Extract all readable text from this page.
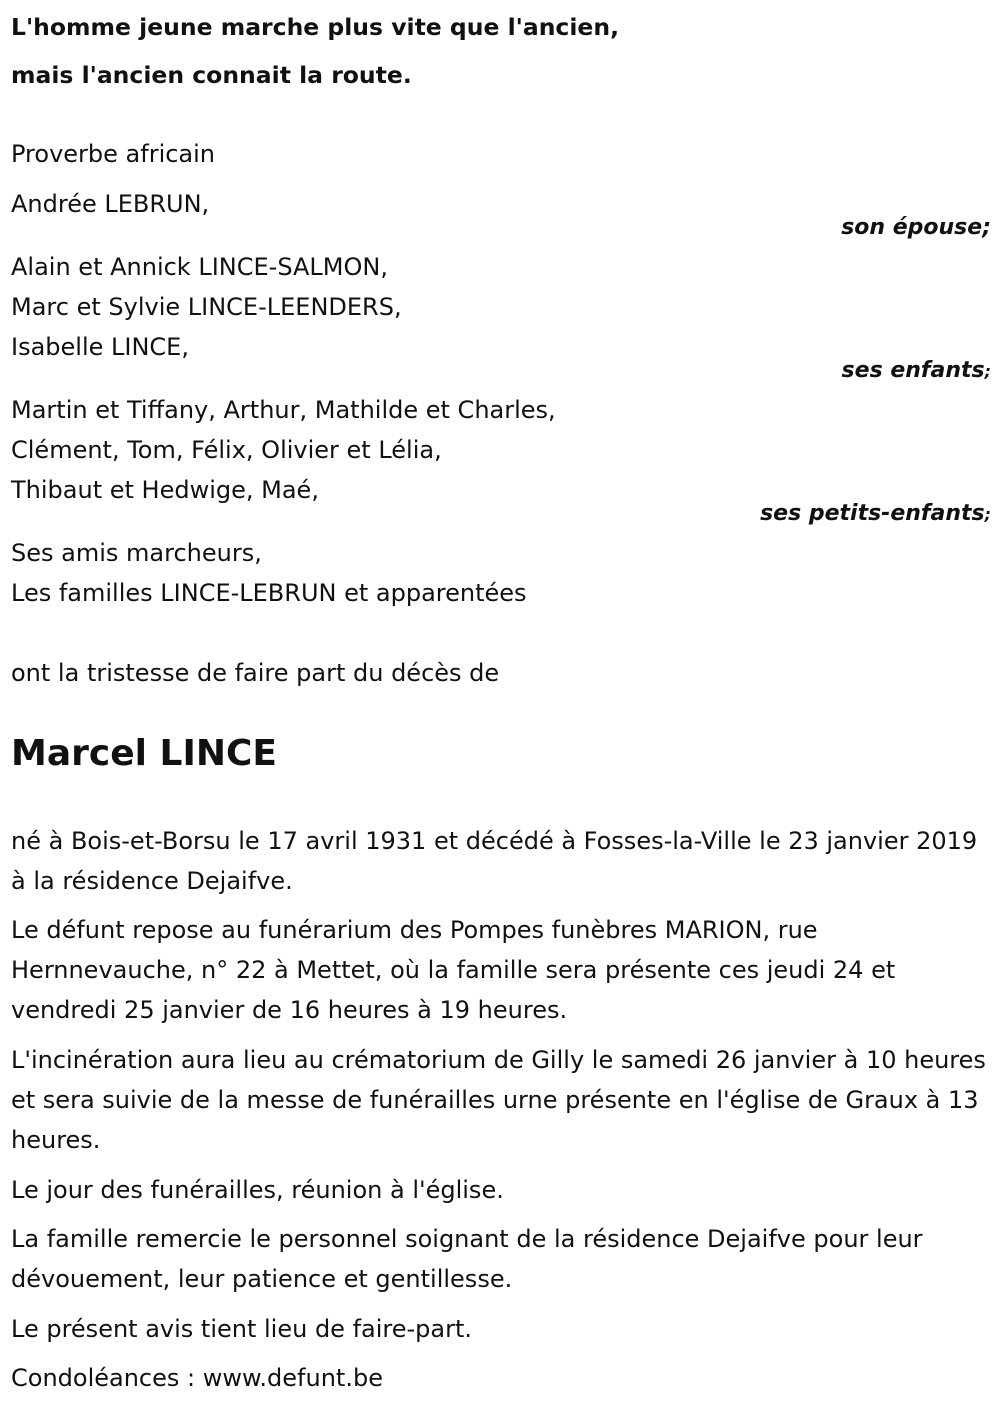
L'homme jeune marche plus vite que l'ancien,
mais l'ancien connait la route.
Proverbe africain
Andrée LEBRUN,
son épouse;
Alain et Annick LINCE-SALMON,
Marc et Sylvie LINCE-LEENDERS,
Isabelle LINCE,
ses enfants;
Martin et Tiffany, Arthur, Mathilde et Charles,
Clément, Tom, Félix, Olivier et Lélia,
Thibaut et Hedwige, Maé,
ses petits-enfants;
Ses amis marcheurs,
Les familles LINCE-LEBRUN et apparentées
ont la tristesse de faire part du décès de
Marcel LINCE

né à Bois-et-Borsu le 17 avril 1931 et décédé à Fosses-la-Ville le 23 janvier 2019 à la résidence Dejaifve.

Le défunt repose au funérarium des Pompes funèbres MARION, rue Hernnevauche, n° 22 à Mettet, où la famille sera présente ces jeudi 24 et vendredi 25 janvier de 16 heures à 19 heures.

L'incinération aura lieu au crématorium de Gilly le samedi 26 janvier à 10 heures et sera suivie de la messe de funérailles urne présente en l'église de Graux à 13 heures.

Le jour des funérailles, réunion à l'église.

La famille remercie le personnel soignant de la résidence Dejaifve pour leur dévouement, leur patience et gentillesse.

Le présent avis tient lieu de faire-part.

Condoléances : www.defunt.be
